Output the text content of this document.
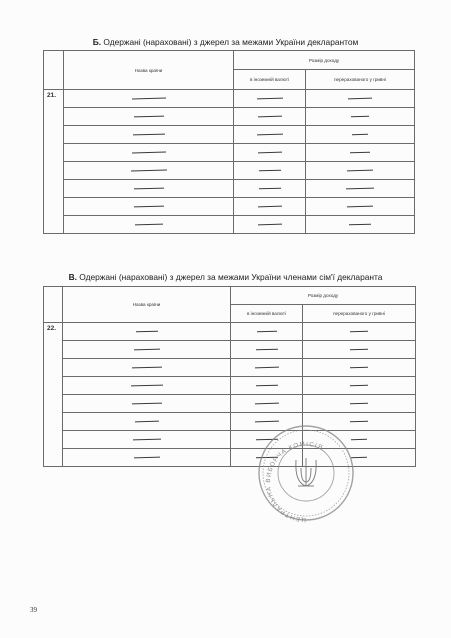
Б. Одержані (нараховані) з джерел за межами України декларантом
	Назва країни	Розмір доходу	
		в іноземній валюті	перерахованого у гривні
21.			

В. Одержані (нараховані) з джерел за межами України членами сім'ї декларанта
	Назва країни	Розмір доходу	
		в іноземній валюті	перерахованого у гривні
22.			

ЦЕНТРАЛЬНА ВИБОРЧА КОМІСІЯ
39
